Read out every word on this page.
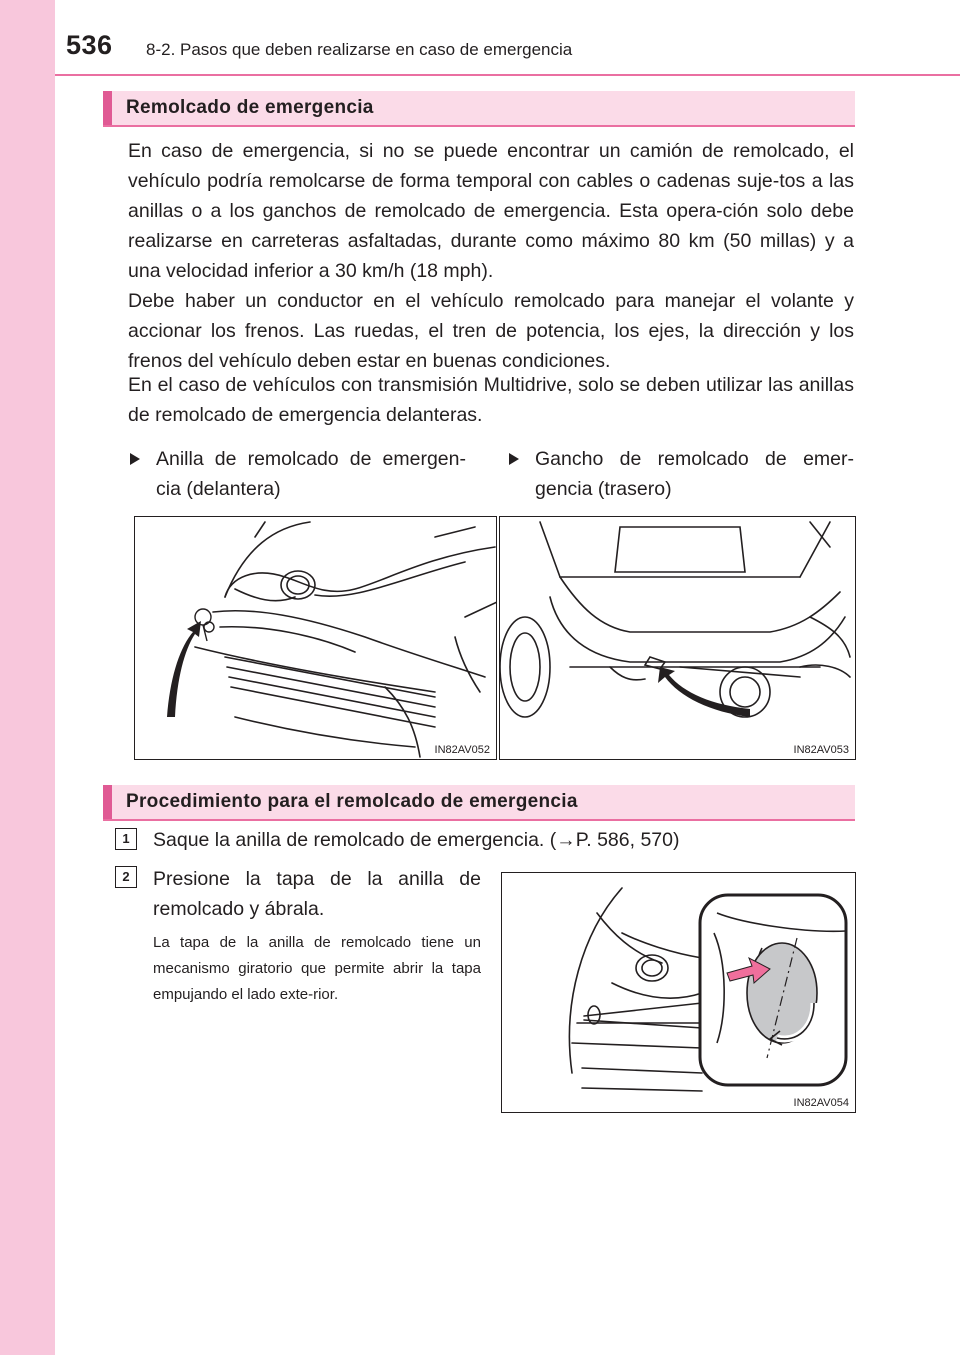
536 8-2. Pasos que deben realizarse en caso de emergencia
Remolcado de emergencia

En caso de emergencia, si no se puede encontrar un camión de remolcado, el vehículo podría remolcarse de forma temporal con cables o cadenas suje-tos a las anillas o a los ganchos de remolcado de emergencia. Esta opera-ción solo debe realizarse en carreteras asfaltadas, durante como máximo 80 km (50 millas) y a una velocidad inferior a 30 km/h (18 mph).

Debe haber un conductor en el vehículo remolcado para manejar el volante y accionar los frenos. Las ruedas, el tren de potencia, los ejes, la dirección y los frenos del vehículo deben estar en buenas condiciones.

En el caso de vehículos con transmisión Multidrive, solo se deben utilizar las anillas de remolcado de emergencia delanteras.

Anilla de remolcado de emergen-cia (delantera)
Gancho de remolcado de emer-gencia (trasero)
IN82AV052	IN82AV053
Procedimiento para el remolcado de emergencia
1	Saque la anilla de remolcado de emergencia. (→P. 586, 570)
2	Presione la tapa de la anilla de remolcado y ábrala.
La tapa de la anilla de remolcado tiene un mecanismo giratorio que permite abrir la tapa empujando el lado exte-rior.
IN82AV054
